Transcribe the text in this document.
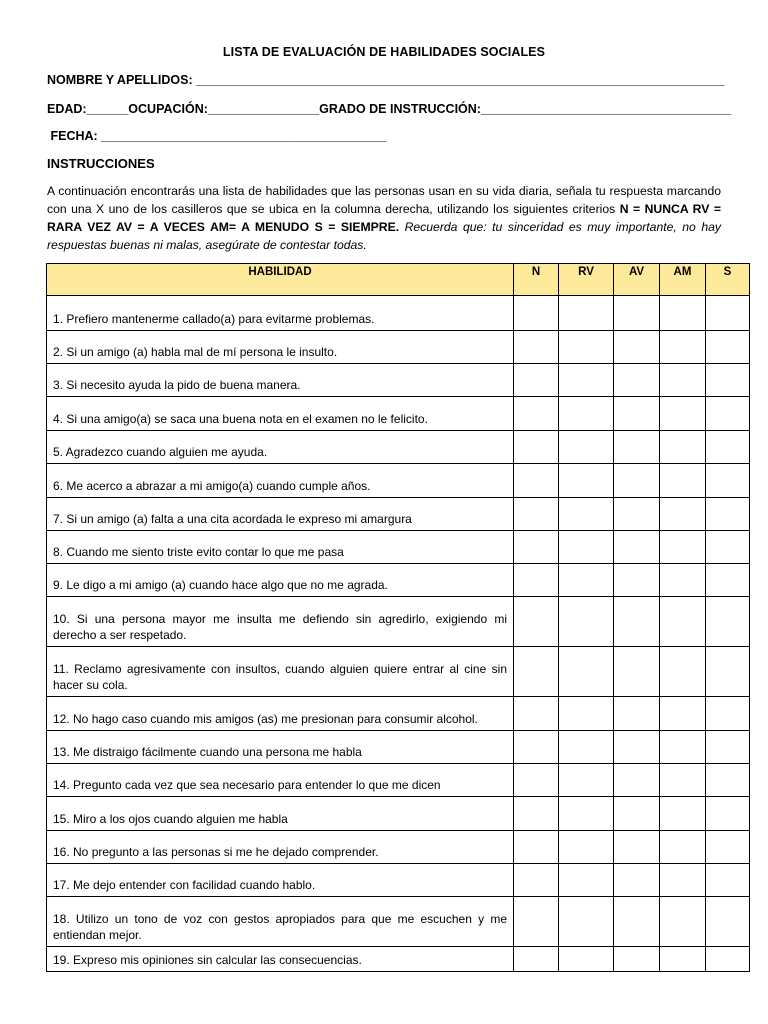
LISTA DE EVALUACIÓN DE HABILIDADES SOCIALES
NOMBRE Y APELLIDOS: ____________________________________________________________________________
EDAD:______OCUPACIÓN:________________GRADO DE INSTRUCCIÓN:____________________________________
FECHA: _________________________________________
INSTRUCCIONES
A continuación encontrarás una lista de habilidades que las personas usan en su vida diaria, señala tu respuesta marcando con una X uno de los casilleros que se ubica en la columna derecha, utilizando los siguientes criterios N = NUNCA RV = RARA VEZ AV = A VECES AM= A MENUDO S = SIEMPRE. Recuerda que: tu sinceridad es muy importante, no hay respuestas buenas ni malas, asegúrate de contestar todas.
HABILIDAD	N	RV	AV	AM	S
1. Prefiero mantenerme callado(a) para evitarme problemas.					
2. Si un amigo (a) habla mal de mí persona le insulto.					
3. Si necesito ayuda la pido de buena manera.					
4. Si una amigo(a) se saca una buena nota en el examen no le felicito.					
5. Agradezco cuando alguien me ayuda.					
6. Me acerco a abrazar a mi amigo(a) cuando cumple años.					
7. Si un amigo (a) falta a una cita acordada le expreso mi amargura					
8. Cuando me siento triste evito contar lo que me pasa					
9. Le digo a mi amigo (a) cuando hace algo que no me agrada.					
10. Si una persona mayor me insulta me defiendo sin agredirlo, exigiendo mi derecho a ser respetado.					
11. Reclamo agresivamente con insultos, cuando alguien quiere entrar al cine sin hacer su cola.					
12. No hago caso cuando mis amigos (as) me presionan para consumir alcohol.					
13. Me distraigo fácilmente cuando una persona me habla					
14. Pregunto cada vez que sea necesario para entender lo que me dicen					
15. Miro a los ojos cuando alguien me habla					
16. No pregunto a las personas si me he dejado comprender.					
17. Me dejo entender con facilidad cuando hablo.					
18. Utilizo un tono de voz con gestos apropiados para que me escuchen y me entiendan mejor.					
19. Expreso mis opiniones sin calcular las consecuencias.					
